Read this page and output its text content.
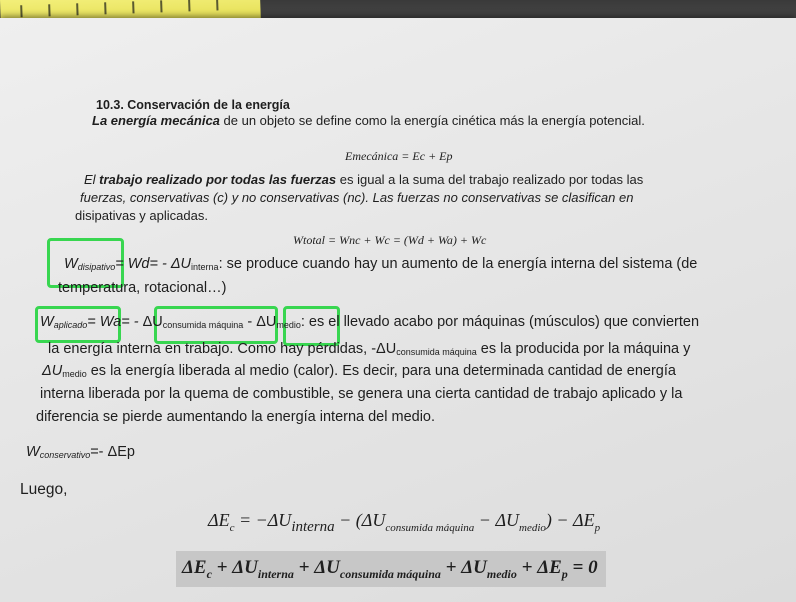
10.3. Conservación de la energía
La energía mecánica de un objeto se define como la energía cinética más la energía potencial.
Emecánica = Ec + Ep
El trabajo realizado por todas las fuerzas es igual a la suma del trabajo realizado por todas las
fuerzas, conservativas (c) y no conservativas (nc). Las fuerzas no conservativas se clasifican en
disipativas y aplicadas.
Wtotal = Wnc + Wc = (Wd + Wa) + Wc
$W_{disipativo}= Wd= - \Delta U_{interna}$: se produce cuando hay un aumento de la energía interna del sistema (de
temperatura, rotacional…)
$W_{aplicado}= Wa= - \Delta U_{consumida máquina} - \Delta U_{medio}$: es el llevado acabo por máquinas (músculos) que convierten
la energía interna en trabajo. Como hay pérdidas, $-\Delta U_{consumida máquina}$ es la producida por la máquina y
$\Delta U_{medio}$ es la energía liberada al medio (calor). Es decir, para una determinada cantidad de energía
interna liberada por la quema de combustible, se genera una cierta cantidad de trabajo aplicado y la
diferencia se pierde aumentando la energía interna del medio.
$W_{conservativo}=-$ ΔEp
Luego,
$\Delta E_c = -\Delta U_{interna} - (\Delta U_{consumida máquina} - \Delta U_{medio}) - \Delta E_p$
$\Delta E_c + \Delta U_{interna} + \Delta U_{consumida máquina} + \Delta U_{medio} + \Delta E_p = 0$
